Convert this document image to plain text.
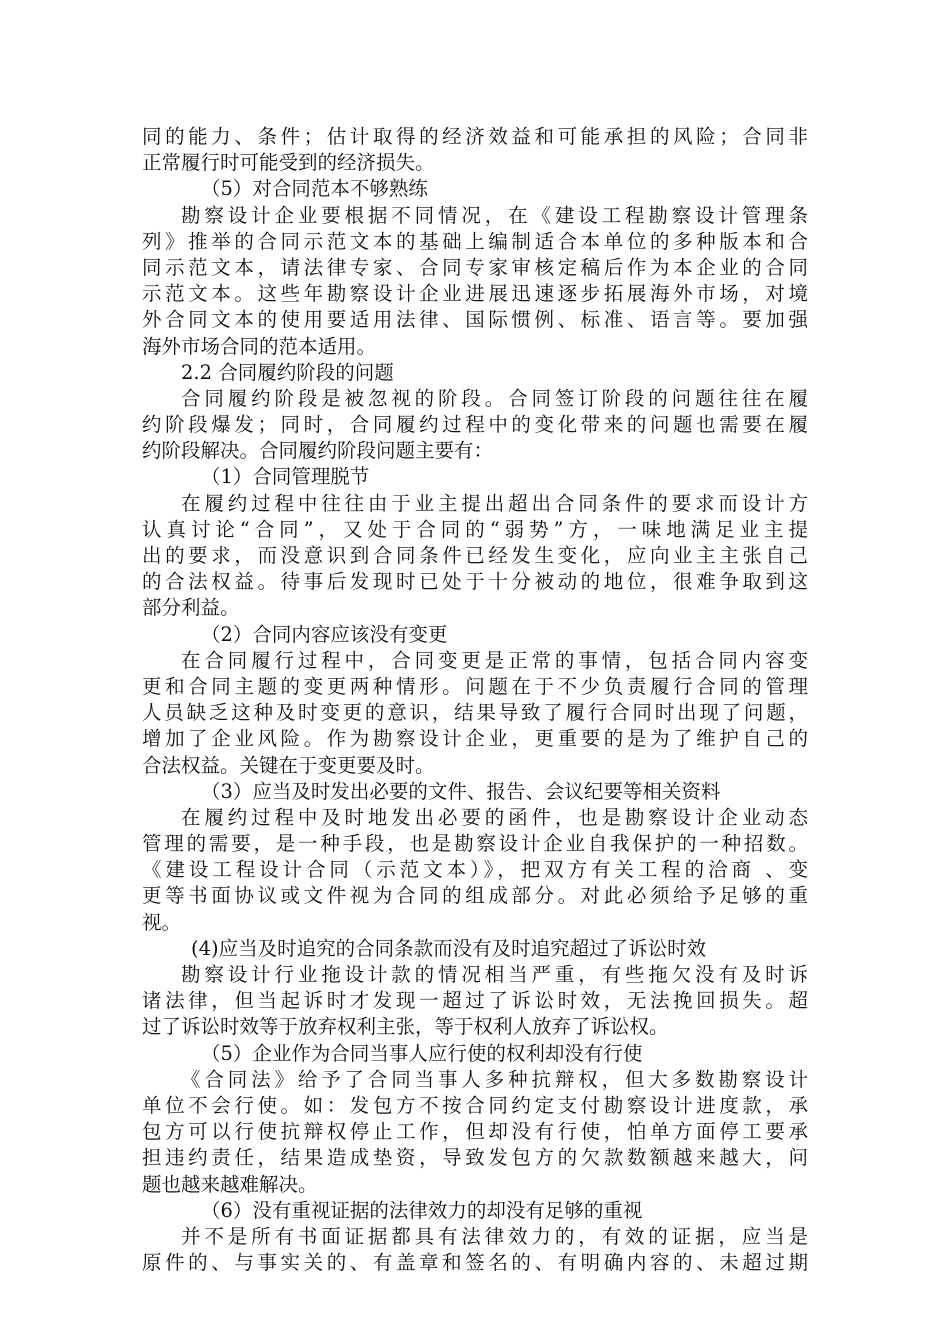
同的能力、条件；估计取得的经济效益和可能承担的风险；合同非
正常履行时可能受到的经济损失。
（5）对合同范本不够熟练
勘察设计企业要根据不同情况，在《建设工程勘察设计管理条
列》推举的合同示范文本的基础上编制适合本单位的多种版本和合
同示范文本，请法律专家、合同专家审核定稿后作为本企业的合同
示范文本。这些年勘察设计企业进展迅速逐步拓展海外市场，对境
外合同文本的使用要适用法律、国际惯例、标准、语言等。要加强
海外市场合同的范本适用。
2.2 合同履约阶段的问题
合同履约阶段是被忽视的阶段。合同签订阶段的问题往往在履
约阶段爆发；同时，合同履约过程中的变化带来的问题也需要在履
约阶段解决。合同履约阶段问题主要有：
（1）合同管理脱节
在履约过程中往往由于业主提出超出合同条件的要求而设计方
认真讨论“合同”，又处于合同的“弱势”方，一味地满足业主提
出的要求，而没意识到合同条件已经发生变化，应向业主主张自己
的合法权益。待事后发现时已处于十分被动的地位，很难争取到这
部分利益。
（2）合同内容应该没有变更
在合同履行过程中，合同变更是正常的事情，包括合同内容变
更和合同主题的变更两种情形。问题在于不少负责履行合同的管理
人员缺乏这种及时变更的意识，结果导致了履行合同时出现了问题，
增加了企业风险。作为勘察设计企业，更重要的是为了维护自己的
合法权益。关键在于变更要及时。
（3）应当及时发出必要的文件、报告、会议纪要等相关资料
在履约过程中及时地发出必要的函件，也是勘察设计企业动态
管理的需要，是一种手段，也是勘察设计企业自我保护的一种招数。
《建设工程设计合同（示范文本）》，把双方有关工程的洽商 、变
更等书面协议或文件视为合同的组成部分。对此必须给予足够的重
视。
(4)应当及时追究的合同条款而没有及时追究超过了诉讼时效
勘察设计行业拖设计款的情况相当严重，有些拖欠没有及时诉
诸法律，但当起诉时才发现一超过了诉讼时效，无法挽回损失。超
过了诉讼时效等于放弃权利主张，等于权利人放弃了诉讼权。
（5）企业作为合同当事人应行使的权利却没有行使
《合同法》给予了合同当事人多种抗辩权，但大多数勘察设计
单位不会行使。如：发包方不按合同约定支付勘察设计进度款，承
包方可以行使抗辩权停止工作，但却没有行使，怕单方面停工要承
担违约责任，结果造成垫资，导致发包方的欠款数额越来越大，问
题也越来越难解决。
（6）没有重视证据的法律效力的却没有足够的重视
并不是所有书面证据都具有法律效力的，有效的证据，应当是
原件的、与事实关的、有盖章和签名的、有明确内容的、未超过期
